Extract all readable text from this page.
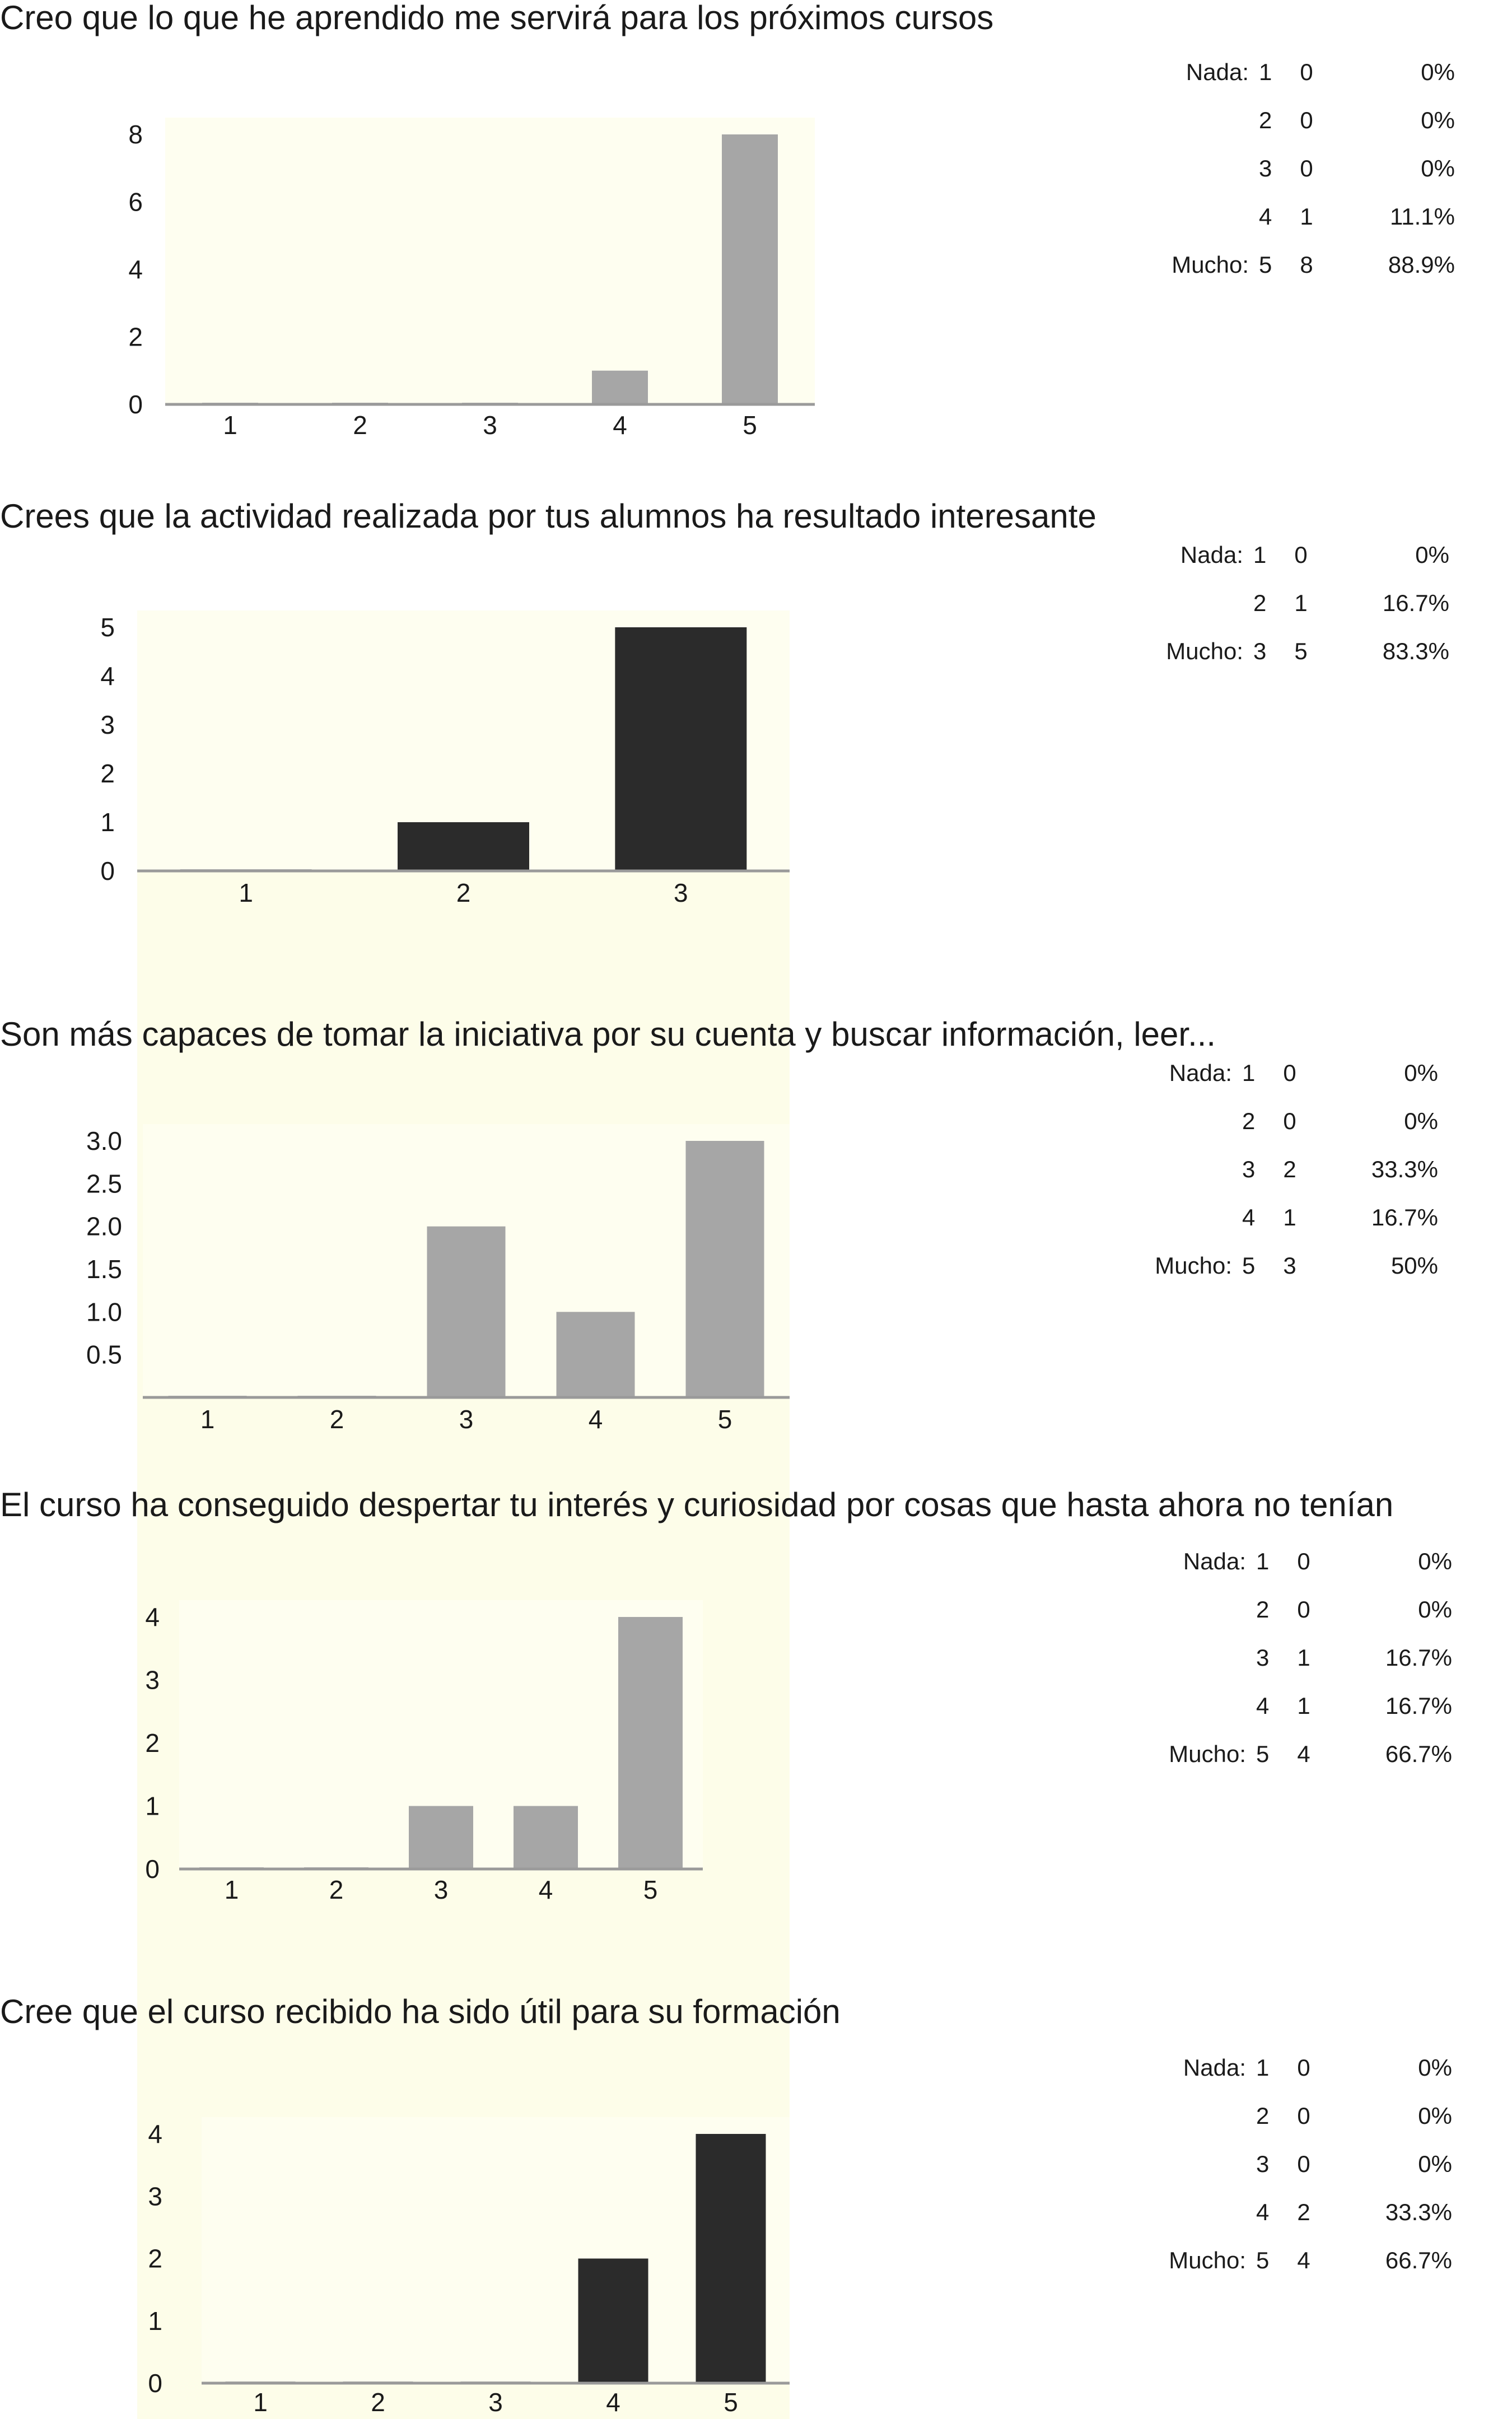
Creo que lo que he aprendido me servirá para los próximos cursos
0
2
4
6
8
1	2	3	4	5
Nada:	1	0	0%
	2	0	0%
	3	0	0%
	4	1	11.1%
Mucho:	5	8	88.9%
Crees que la actividad realizada por tus alumnos ha resultado interesante
0
1
2
3
4
5
1	2	3
Nada:	1	0	0%
	2	1	16.7%
Mucho:	3	5	83.3%
Son más capaces de tomar la iniciativa por su cuenta y buscar información, leer...
0.5
1.0
1.5
2.0
2.5
3.0
1	2	3	4	5
Nada:	1	0	0%
	2	0	0%
	3	2	33.3%
	4	1	16.7%
Mucho:	5	3	50%
El curso ha conseguido despertar tu interés y curiosidad por cosas que hasta ahora no tenían
0
1
2
3
4
1	2	3	4	5
Nada:	1	0	0%
	2	0	0%
	3	1	16.7%
	4	1	16.7%
Mucho:	5	4	66.7%
Cree que el curso recibido ha sido útil para su formación
0
1
2
3
4
1	2	3	4	5
Nada:	1	0	0%
	2	0	0%
	3	0	0%
	4	2	33.3%
Mucho:	5	4	66.7%
